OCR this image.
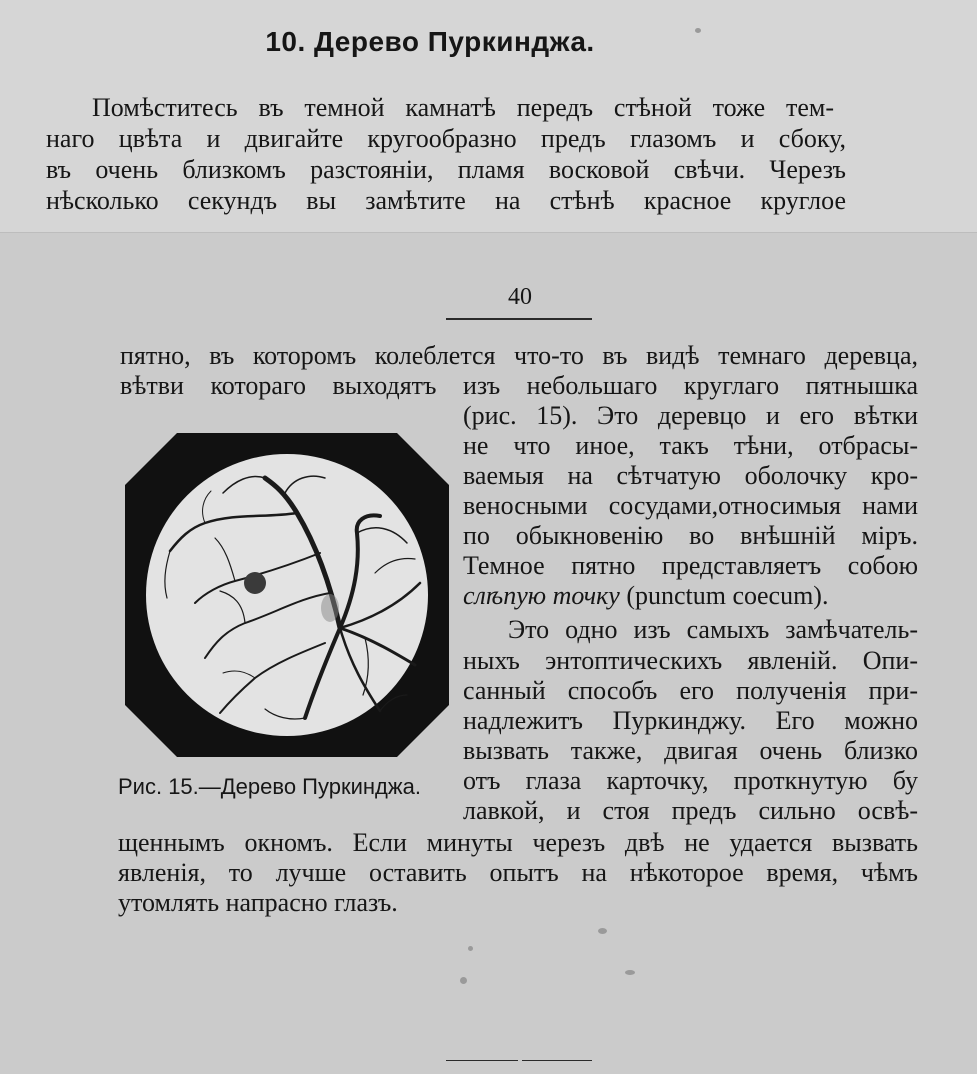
10. Дерево Пуркинджа.
Помѣститесь въ темной камнатѣ передъ стѣной тоже тем-
наго цвѣта и двигайте кругообразно предъ глазомъ и сбоку,
въ очень близкомъ разстояніи, пламя восковой свѣчи. Черезъ
нѣсколько секундъ вы замѣтите на стѣнѣ красное круглое
40
пятно, въ которомъ колеблется что-то въ видѣ темнаго деревца,
вѣтви котораго выходятъ изъ небольшаго круглаго пятнышка
(рис. 15). Это деревцо и его вѣтки
не что иное, такъ тѣни, отбрасы-
ваемыя на сѣтчатую оболочку кро-
веносными сосудами,относимыя нами
по обыкновенію во внѣшній міръ.
Темное пятно представляетъ собою
слѣпую точку (punctum coecum).
Это одно изъ самыхъ замѣчатель-
ныхъ энтоптическихъ явленій. Опи-
санный способъ его полученія при-
надлежитъ Пуркинджу. Его можно
вызвать также, двигая очень близко
отъ глаза карточку, проткнутую бу
лавкой, и стоя предъ сильно освѣ-
щеннымъ окномъ. Если минуты черезъ двѣ не удается вызвать
явленія, то лучше оставить опытъ на нѣкоторое время, чѣмъ
утомлять напрасно глазъ.
Рис. 15.—Дерево Пуркинджа.
